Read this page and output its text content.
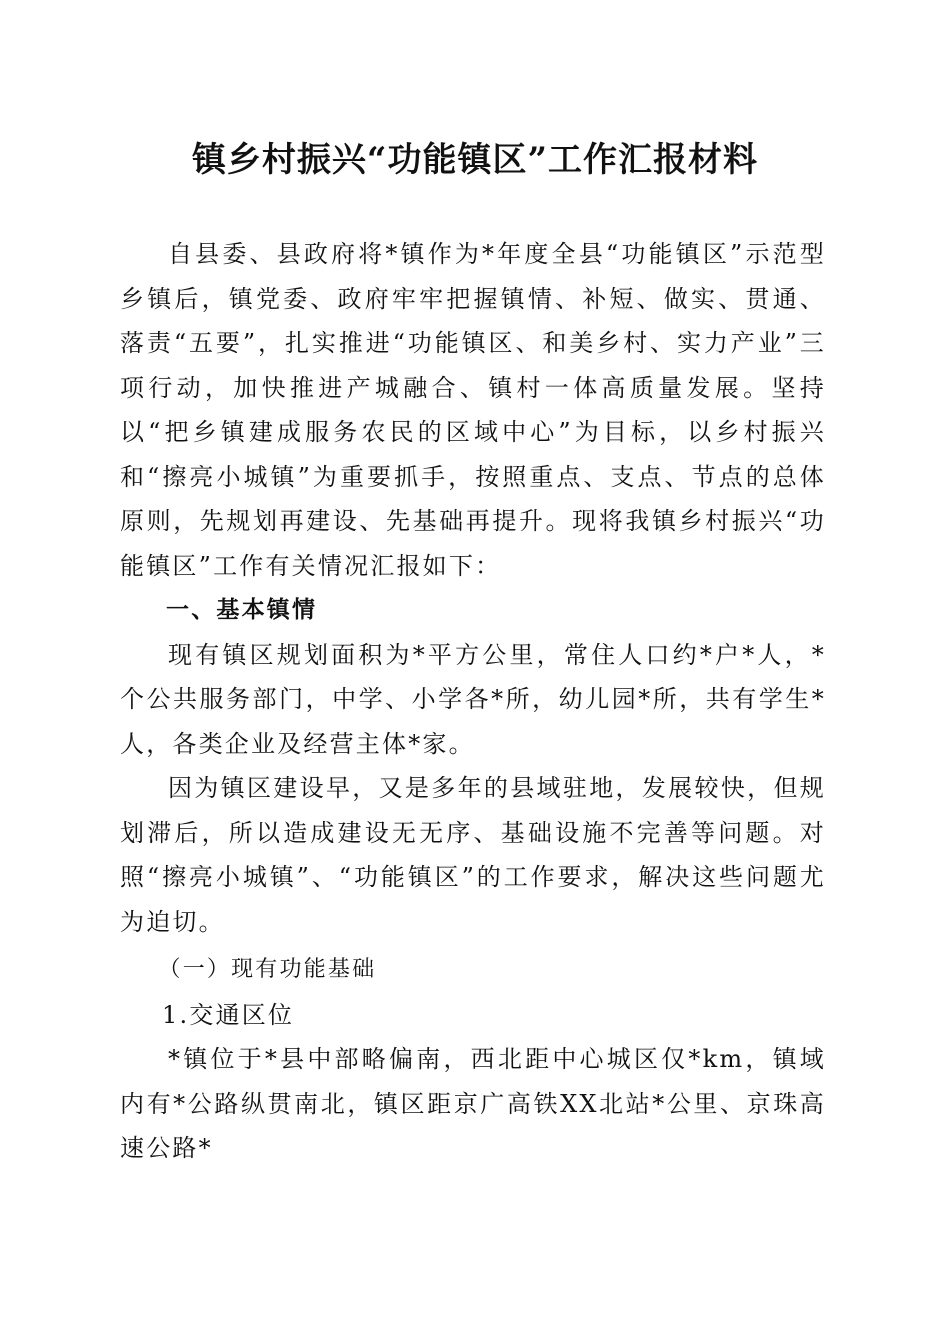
镇乡村振兴“功能镇区”工作汇报材料

自县委、县政府将*镇作为*年度全县“功能镇区”示范型乡镇后，镇党委、政府牢牢把握镇情、补短、做实、贯通、落责“五要”，扎实推进“功能镇区、和美乡村、实力产业”三项行动，加快推进产城融合、镇村一体高质量发展。坚持以“把乡镇建成服务农民的区域中心”为目标，以乡村振兴和“擦亮小城镇”为重要抓手，按照重点、支点、节点的总体原则，先规划再建设、先基础再提升。现将我镇乡村振兴“功能镇区”工作有关情况汇报如下：

一、基本镇情

现有镇区规划面积为*平方公里，常住人口约*户*人，*个公共服务部门，中学、小学各*所，幼儿园*所，共有学生*人，各类企业及经营主体*家。

因为镇区建设早，又是多年的县域驻地，发展较快，但规划滞后，所以造成建设无无序、基础设施不完善等问题。对照“擦亮小城镇”、“功能镇区”的工作要求，解决这些问题尤为迫切。

（一）现有功能基础

1.交通区位

*镇位于*县中部略偏南，西北距中心城区仅*km，镇域内有*公路纵贯南北，镇区距京广高铁XX北站*公里、京珠高速公路*
